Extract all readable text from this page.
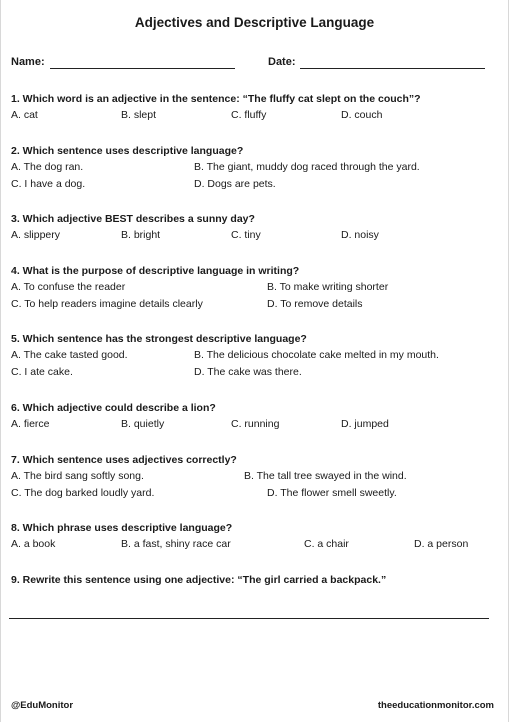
Adjectives and Descriptive Language
Name:	Date:
1. Which word is an adjective in the sentence: “The fluffy cat slept on the couch”?
A. cat	B. slept	C. fluffy	D. couch
2. Which sentence uses descriptive language?
A. The dog ran.	B. The giant, muddy dog raced through the yard.
C. I have a dog.	D. Dogs are pets.
3. Which adjective BEST describes a sunny day?
A. slippery	B. bright	C. tiny	D. noisy
4. What is the purpose of descriptive language in writing?
A. To confuse the reader	B. To make writing shorter
C. To help readers imagine details clearly	D. To remove details
5. Which sentence has the strongest descriptive language?
A. The cake tasted good.	B. The delicious chocolate cake melted in my mouth.
C. I ate cake.	D. The cake was there.
6. Which adjective could describe a lion?
A. fierce	B. quietly	C. running	D. jumped
7. Which sentence uses adjectives correctly?
A. The bird sang softly song.	B. The tall tree swayed in the wind.
C. The dog barked loudly yard.	D. The flower smell sweetly.
8. Which phrase uses descriptive language?
A. a book	B. a fast, shiny race car	C. a chair	D. a person
9. Rewrite this sentence using one adjective: “The girl carried a backpack.”
@EduMonitor	theeducationmonitor.com
